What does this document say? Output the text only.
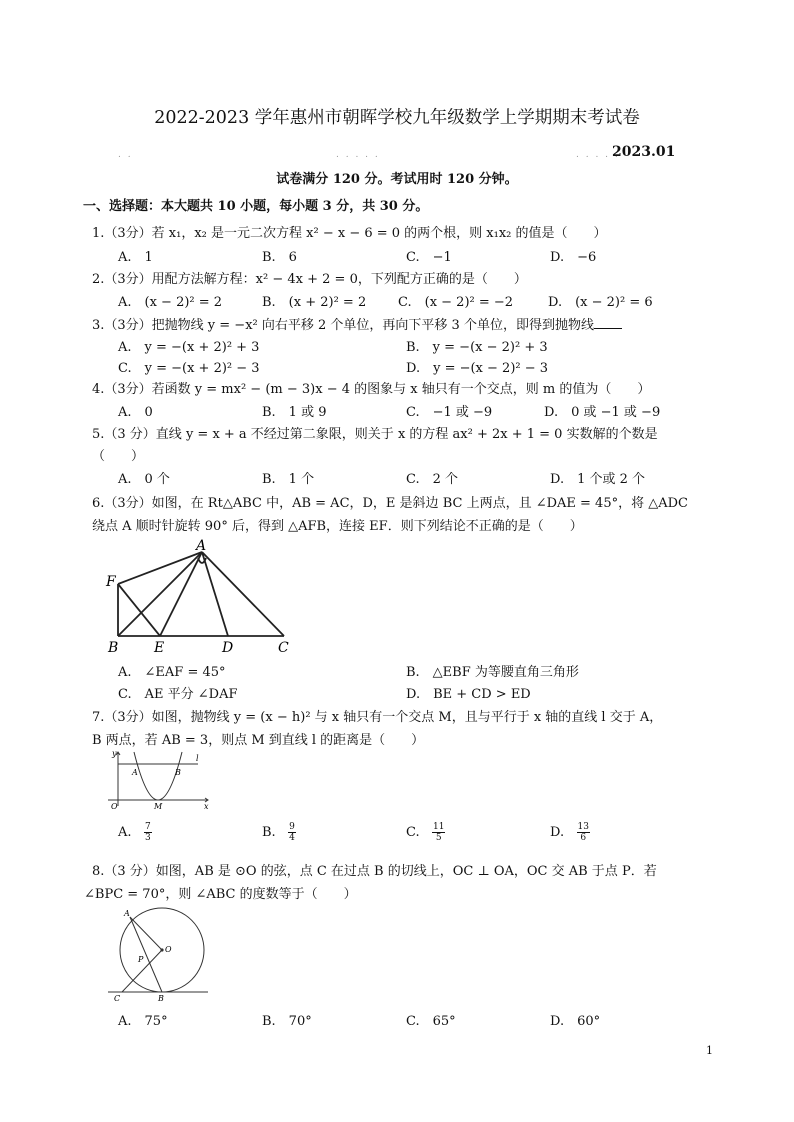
2022-2023 学年惠州市朝晖学校九年级数学上学期期末考试卷
. .	. . . . .	. . . . .
2023.01
试卷满分 120 分。考试用时 120 分钟。
一、选择题：本大题共 10 小题，每小题 3 分，共 30 分。
1.（3分）若 x₁，x₂ 是一元二次方程 x² − x − 6 = 0 的两个根，则 x₁x₂ 的值是（　　）
A.　1	B.　6	C.　−1	D.　−6
2.（3分）用配方法解方程：x² − 4x + 2 = 0，下列配方正确的是（　　）
A.　(x − 2)² = 2	B.　(x + 2)² = 2 C.　(x − 2)² = −2	D.　(x − 2)² = 6
3.（3分）把抛物线 y = −x² 向右平移 2 个单位，再向下平移 3 个单位，即得到抛物线
A.　y = −(x + 2)² + 3	B.　y = −(x − 2)² + 3
C.　y = −(x + 2)² − 3	D.　y = −(x − 2)² − 3
4.（3分）若函数 y = mx² − (m − 3)x − 4 的图象与 x 轴只有一个交点，则 m 的值为（　　）
A.　0	B.　1 或 9	C.　−1 或 −9	D.　0 或 −1 或 −9
5.（3 分）直线 y = x + a 不经过第二象限，则关于 x 的方程 ax² + 2x + 1 = 0 实数解的个数是
（　　）
A.　0 个	B.　1 个	C.　2 个	D.　1 个或 2 个
6.（3分）如图，在 Rt△ABC 中，AB = AC，D，E 是斜边 BC 上两点，且 ∠DAE = 45°，将 △ADC
绕点 A 顺时针旋转 90° 后，得到 △AFB，连接 EF．则下列结论不正确的是（　　）
A
F
B	E	D	C
A.　∠EAF = 45°	B.　△EBF 为等腰直角三角形
C.　AE 平分 ∠DAF	D.　BE + CD > ED
7.（3分）如图，抛物线 y = (x − h)² 与 x 轴只有一个交点 M，且与平行于 x 轴的直线 l 交于 A，
B 两点，若 AB = 3，则点 M 到直线 l 的距离是（　　）
y
A	B
l
O	M	x
A. $\frac{7}{3}$	B. $\frac{9}{4}$	C. $\frac{11}{5}$	D. $\frac{13}{6}$
8.（3 分）如图，AB 是 ⊙O 的弦，点 C 在过点 B 的切线上，OC ⊥ OA，OC 交 AB 于点 P．若
∠BPC = 70°，则 ∠ABC 的度数等于（　　）
A
O
P
C	B
A.　75°	B.　70°	C.　65°	D.　60°
1
